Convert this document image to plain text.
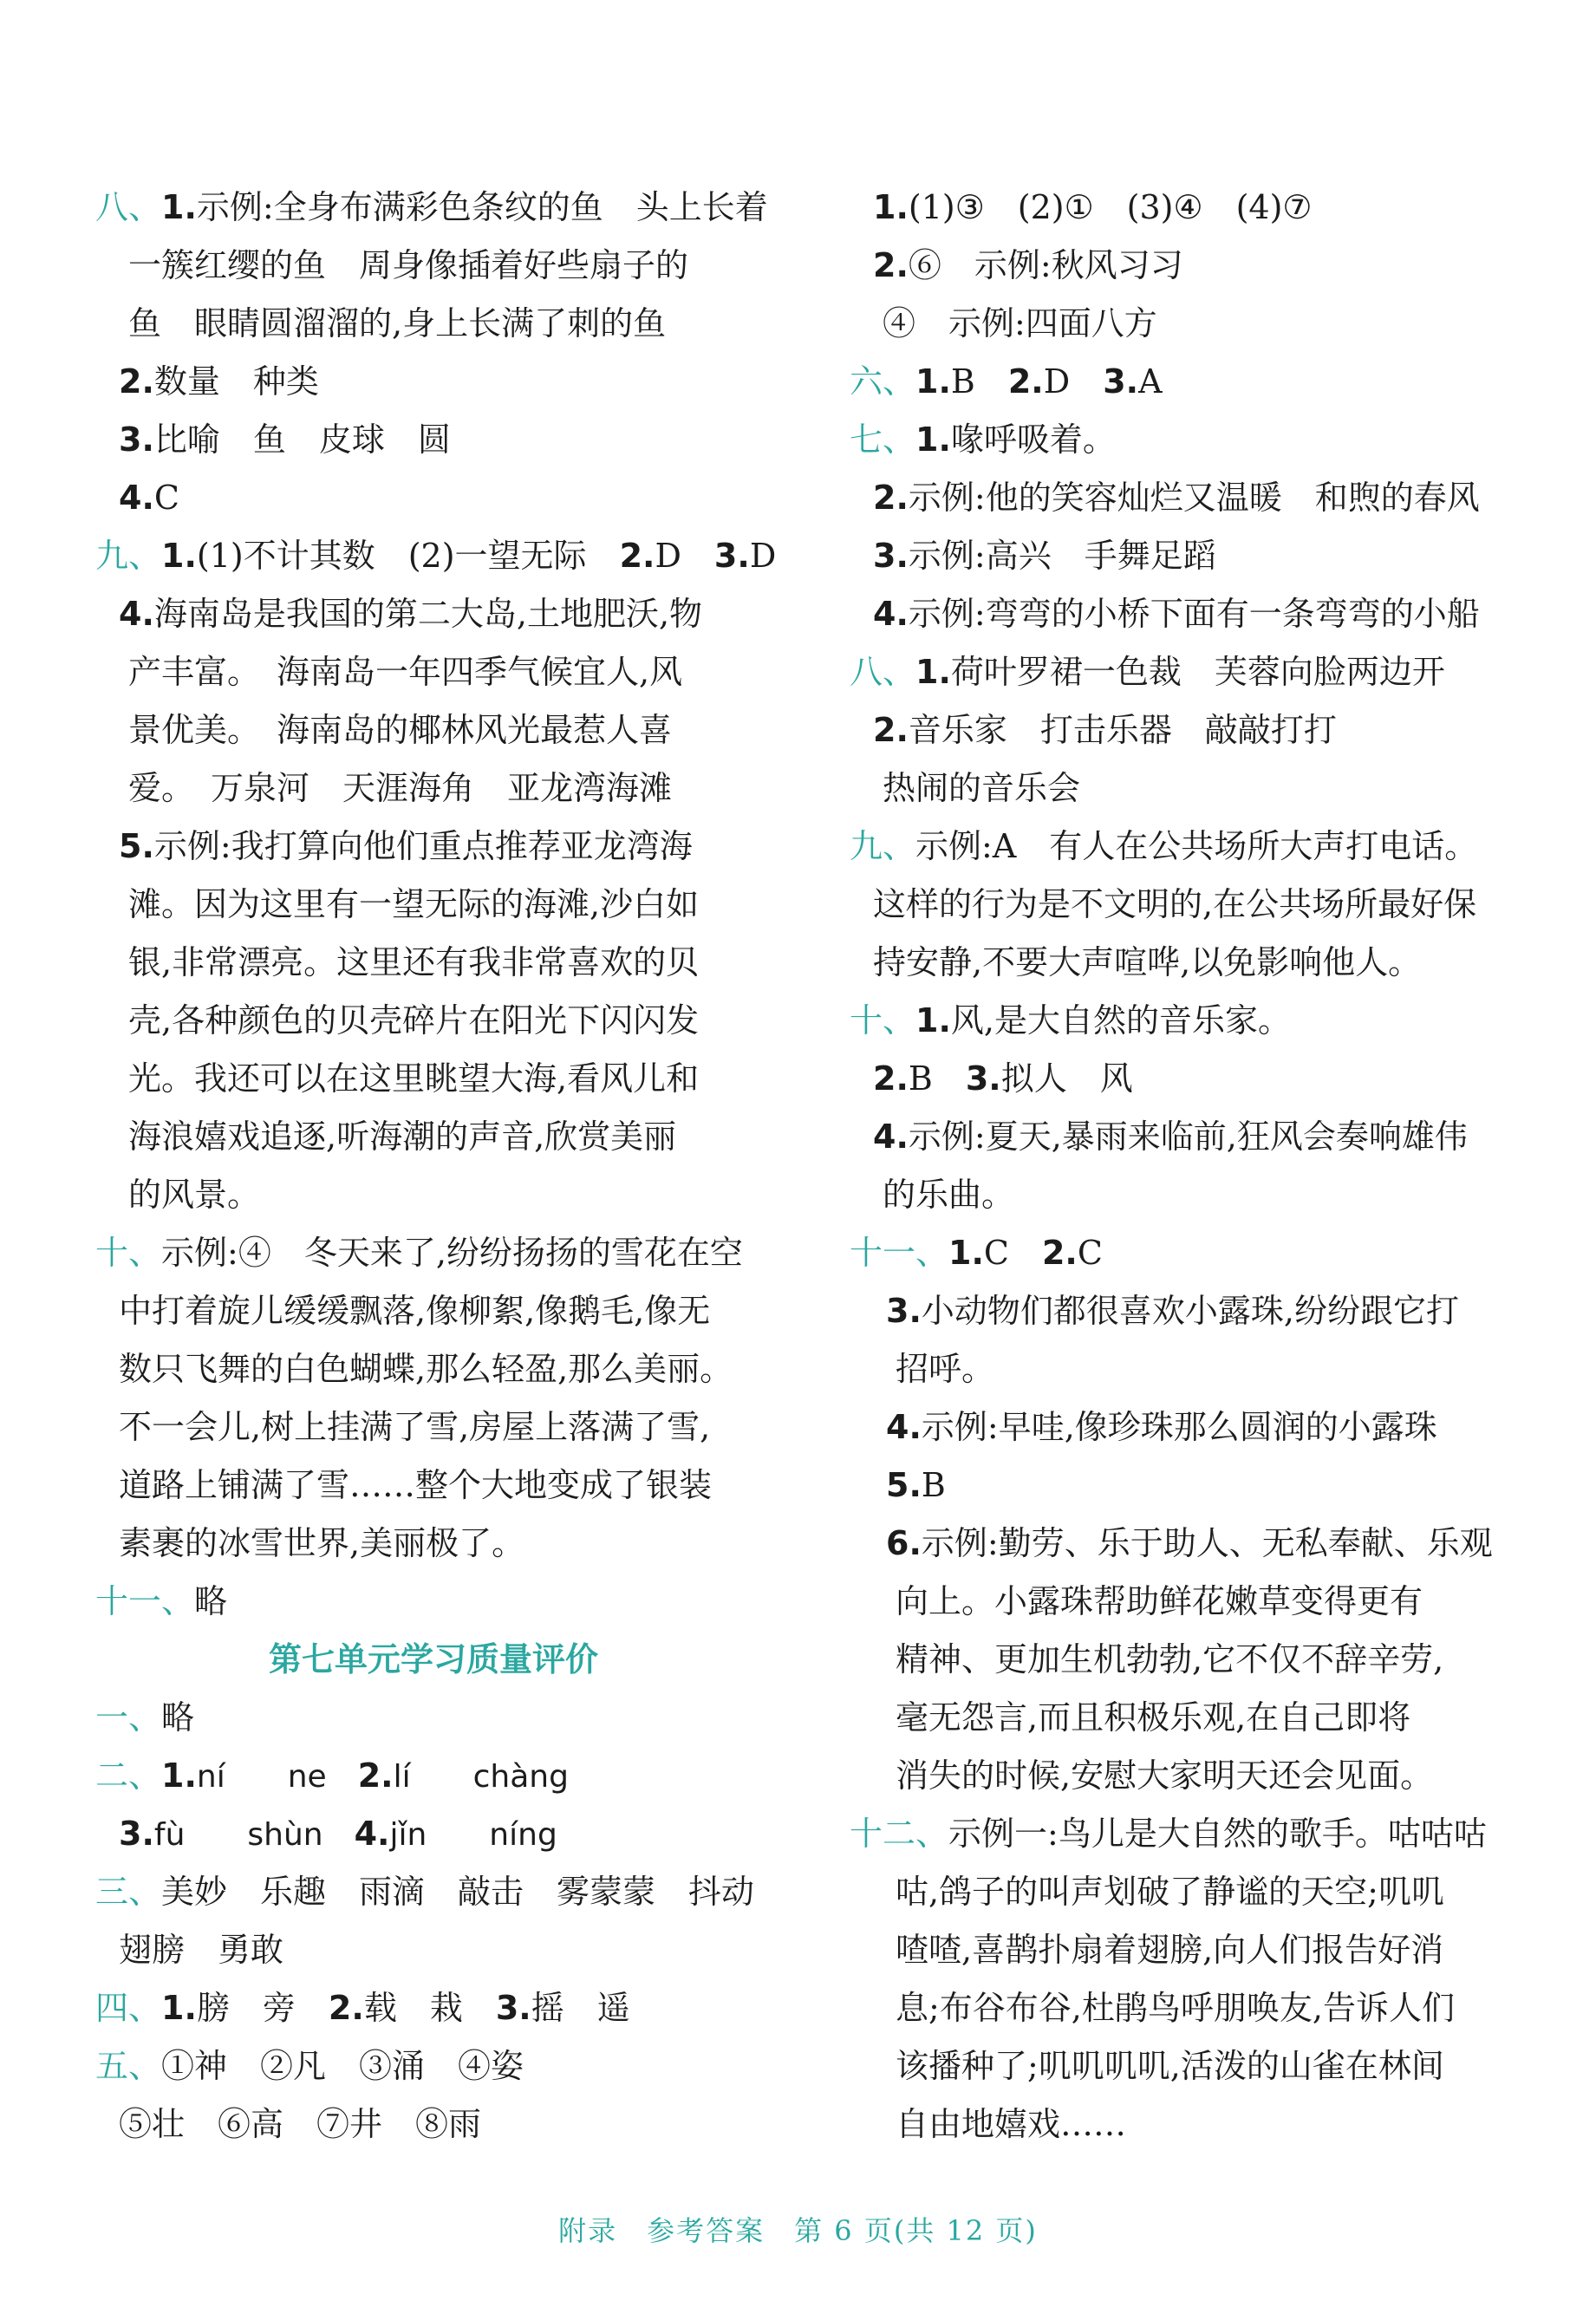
八、1.示例:全身布满彩色条纹的鱼　头上长着
一簇红缨的鱼　周身像插着好些扇子的
鱼　眼睛圆溜溜的,身上长满了刺的鱼
2.数量　种类
3.比喻　鱼　皮球　圆
4.C
九、1.(1)不计其数　(2)一望无际　2.D　3.D
4.海南岛是我国的第二大岛,土地肥沃,物
产丰富。　海南岛一年四季气候宜人,风
景优美。　海南岛的椰林风光最惹人喜
爱。　万泉河　天涯海角　亚龙湾海滩
5.示例:我打算向他们重点推荐亚龙湾海
滩。因为这里有一望无际的海滩,沙白如
银,非常漂亮。这里还有我非常喜欢的贝
壳,各种颜色的贝壳碎片在阳光下闪闪发
光。我还可以在这里眺望大海,看风儿和
海浪嬉戏追逐,听海潮的声音,欣赏美丽
的风景。
十、示例:④　冬天来了,纷纷扬扬的雪花在空
中打着旋儿缓缓飘落,像柳絮,像鹅毛,像无
数只飞舞的白色蝴蝶,那么轻盈,那么美丽。
不一会儿,树上挂满了雪,房屋上落满了雪,
道路上铺满了雪……整个大地变成了银装
素裹的冰雪世界,美丽极了。
十一、略
第七单元学习质量评价
一、略
二、1.ní　　ne　2.lí　　chàng
3.fù　　shùn　4.jǐn　　níng
三、美妙　乐趣　雨滴　敲击　雾蒙蒙　抖动
翅膀　勇敢
四、1.膀　旁　2.载　栽　3.摇　遥
五、①神　②凡　③涌　④姿
⑤壮　⑥高　⑦井　⑧雨
1.(1)③　(2)①　(3)④　(4)⑦
2.⑥　示例:秋风习习
④　示例:四面八方
六、1.B　2.D　3.A
七、1.喙呼吸着。
2.示例:他的笑容灿烂又温暖　和煦的春风
3.示例:高兴　手舞足蹈
4.示例:弯弯的小桥下面有一条弯弯的小船
八、1.荷叶罗裙一色裁　芙蓉向脸两边开
2.音乐家　打击乐器　敲敲打打
热闹的音乐会
九、示例:A　有人在公共场所大声打电话。
这样的行为是不文明的,在公共场所最好保
持安静,不要大声喧哗,以免影响他人。
十、1.风,是大自然的音乐家。
2.B　3.拟人　风
4.示例:夏天,暴雨来临前,狂风会奏响雄伟
的乐曲。
十一、1.C　2.C
3.小动物们都很喜欢小露珠,纷纷跟它打
招呼。
4.示例:早哇,像珍珠那么圆润的小露珠
5.B
6.示例:勤劳、乐于助人、无私奉献、乐观
向上。小露珠帮助鲜花嫩草变得更有
精神、更加生机勃勃,它不仅不辞辛劳,
毫无怨言,而且积极乐观,在自己即将
消失的时候,安慰大家明天还会见面。
十二、示例一:鸟儿是大自然的歌手。咕咕咕
咕,鸽子的叫声划破了静谧的天空;叽叽
喳喳,喜鹊扑扇着翅膀,向人们报告好消
息;布谷布谷,杜鹃鸟呼朋唤友,告诉人们
该播种了;叽叽叽叽,活泼的山雀在林间
自由地嬉戏……
附录　参考答案　第 6 页(共 12 页)
